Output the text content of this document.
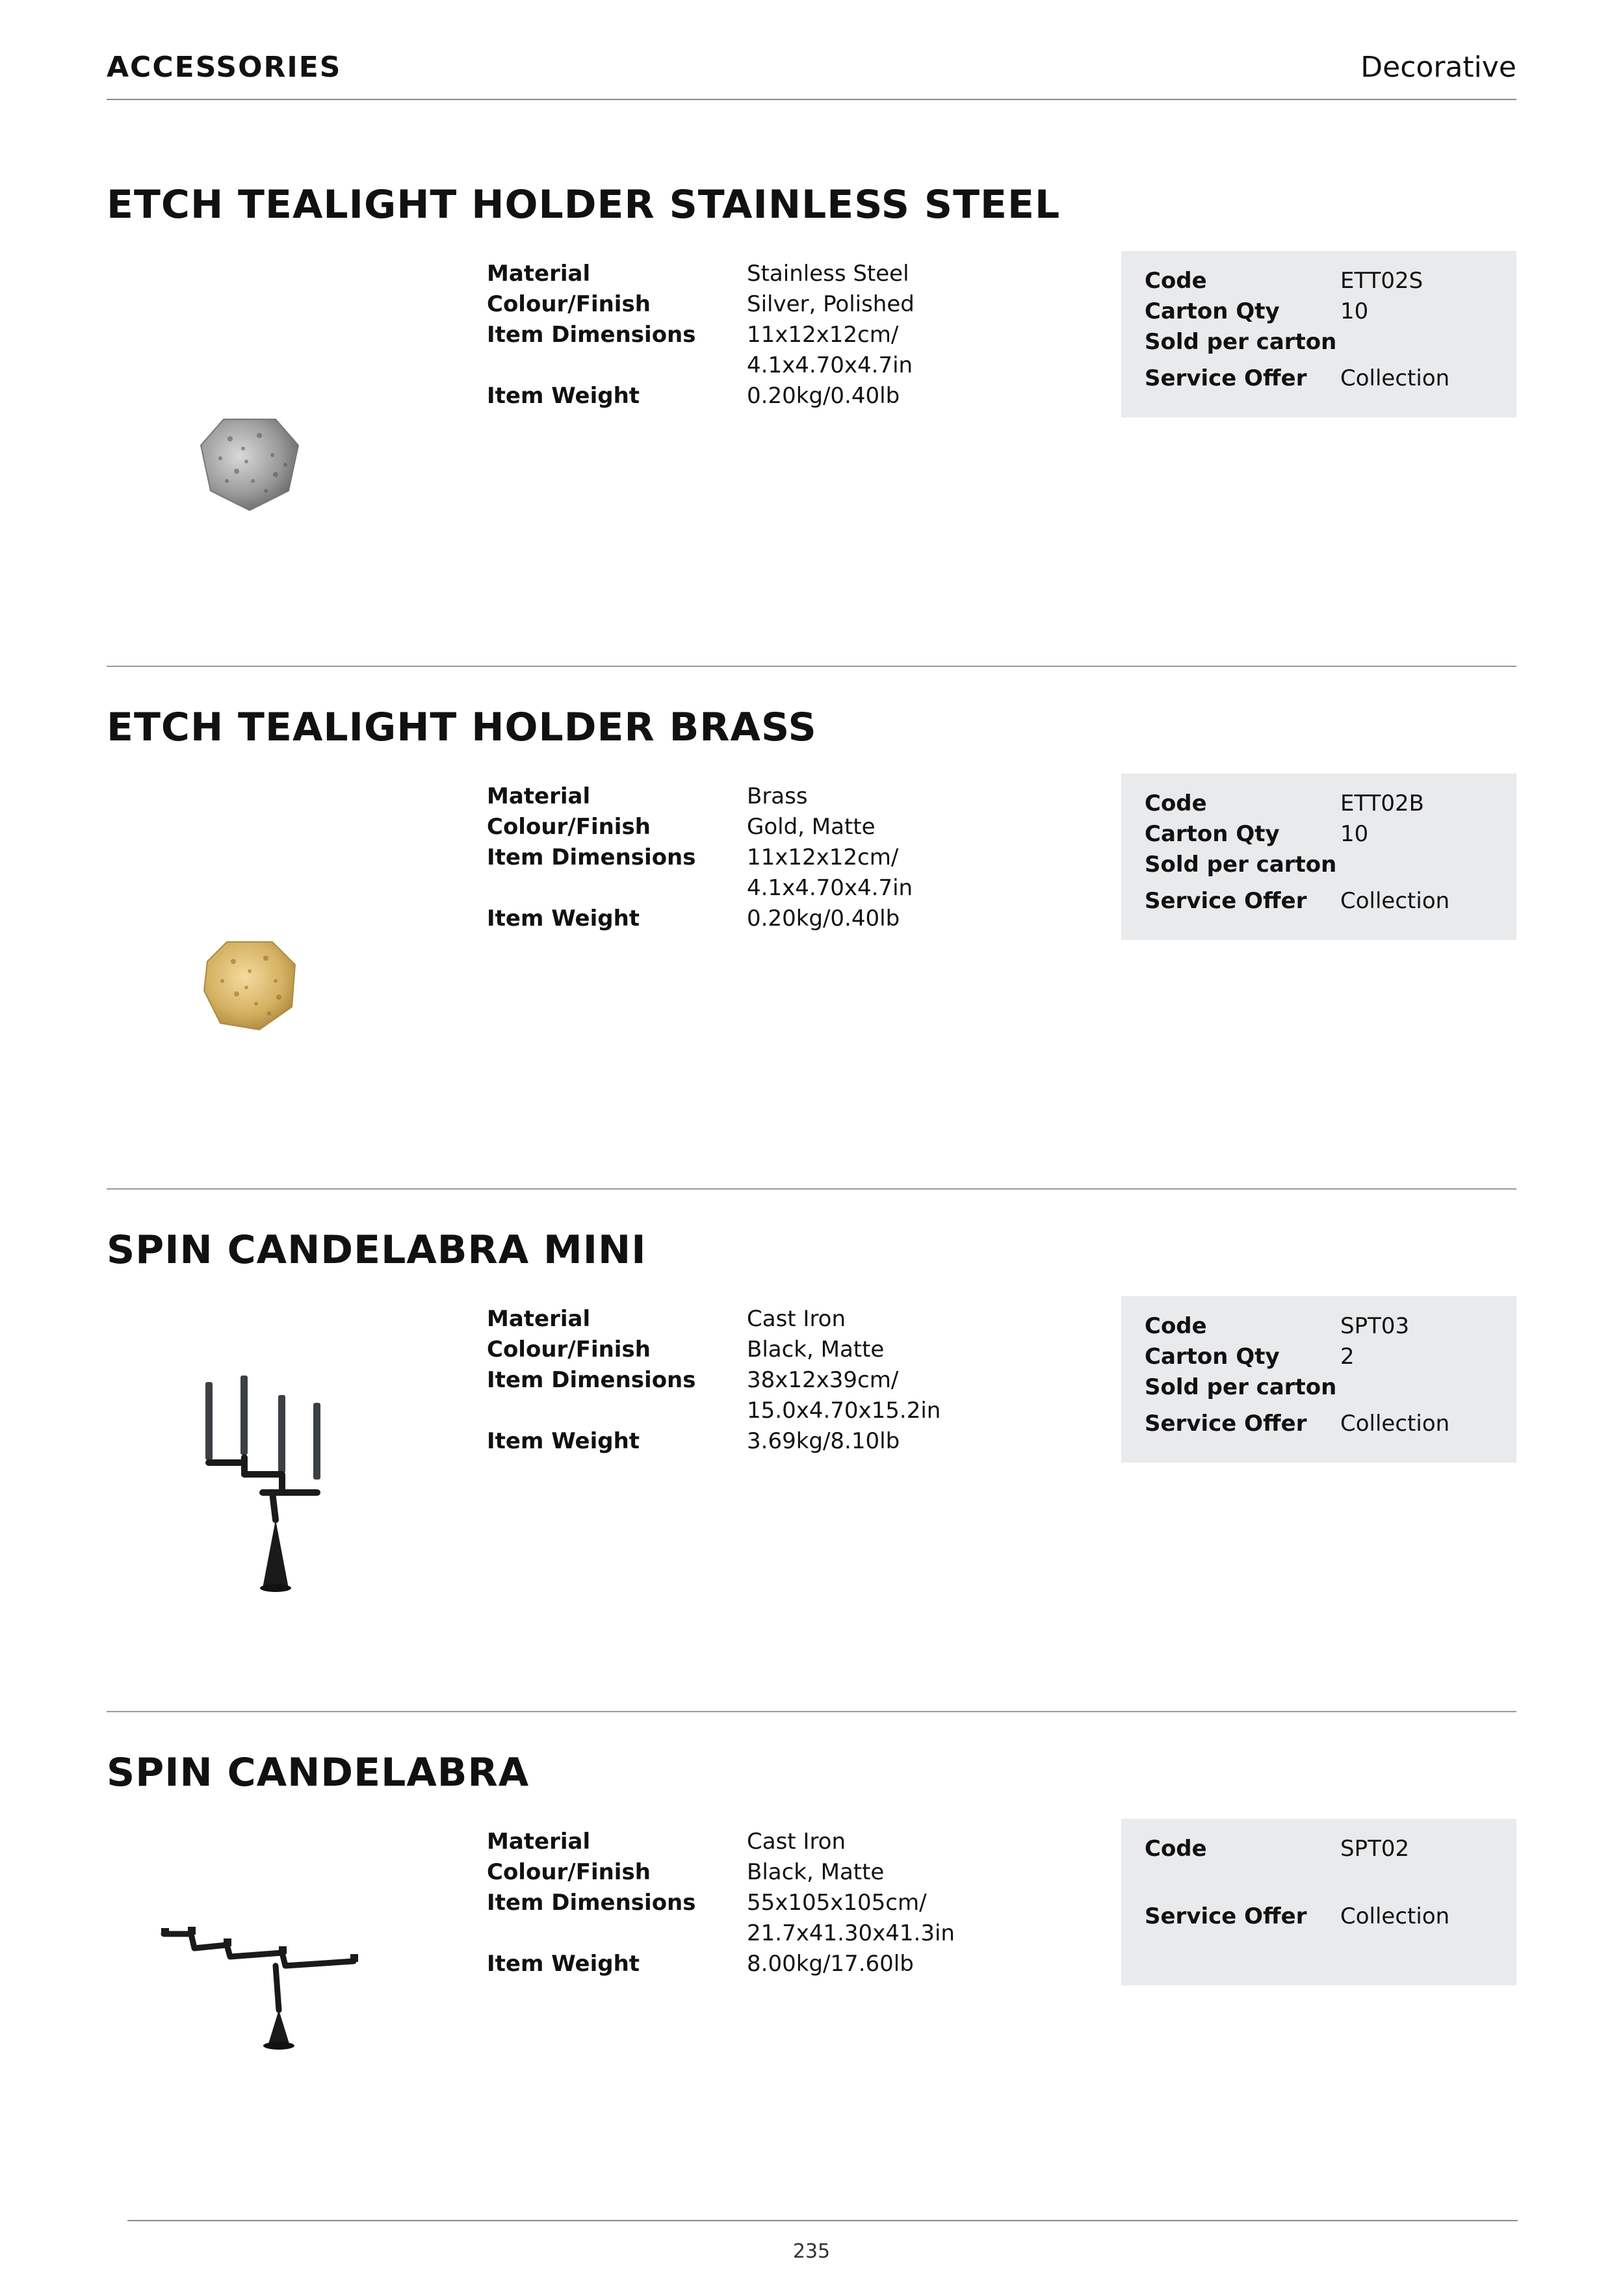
ACCESSORIES	Decorative
ETCH TEALIGHT HOLDER STAINLESS STEEL
Material	Stainless Steel
Colour/Finish	Silver, Polished
Item Dimensions 11x12x12cm/
4.1x4.70x4.7in
Item Weight	0.20kg/0.40lb
Code	ETT02S
Carton Qty	10
Sold per carton
Service Offer Collection
ETCH TEALIGHT HOLDER BRASS
Material	Brass
Colour/Finish	Gold, Matte
Item Dimensions 11x12x12cm/
4.1x4.70x4.7in
Item Weight	0.20kg/0.40lb
Code	ETT02B
Carton Qty	10
Sold per carton
Service Offer Collection
SPIN CANDELABRA MINI
Material	Cast Iron
Colour/Finish	Black, Matte
Item Dimensions 38x12x39cm/
15.0x4.70x15.2in
Item Weight	3.69kg/8.10lb
Code	SPT03
Carton Qty	2
Sold per carton
Service Offer Collection
SPIN CANDELABRA
Material	Cast Iron
Colour/Finish	Black, Matte
Item Dimensions 55x105x105cm/
21.7x41.30x41.3in
Item Weight	8.00kg/17.60lb
Code	SPT02
Service Offer Collection
235
